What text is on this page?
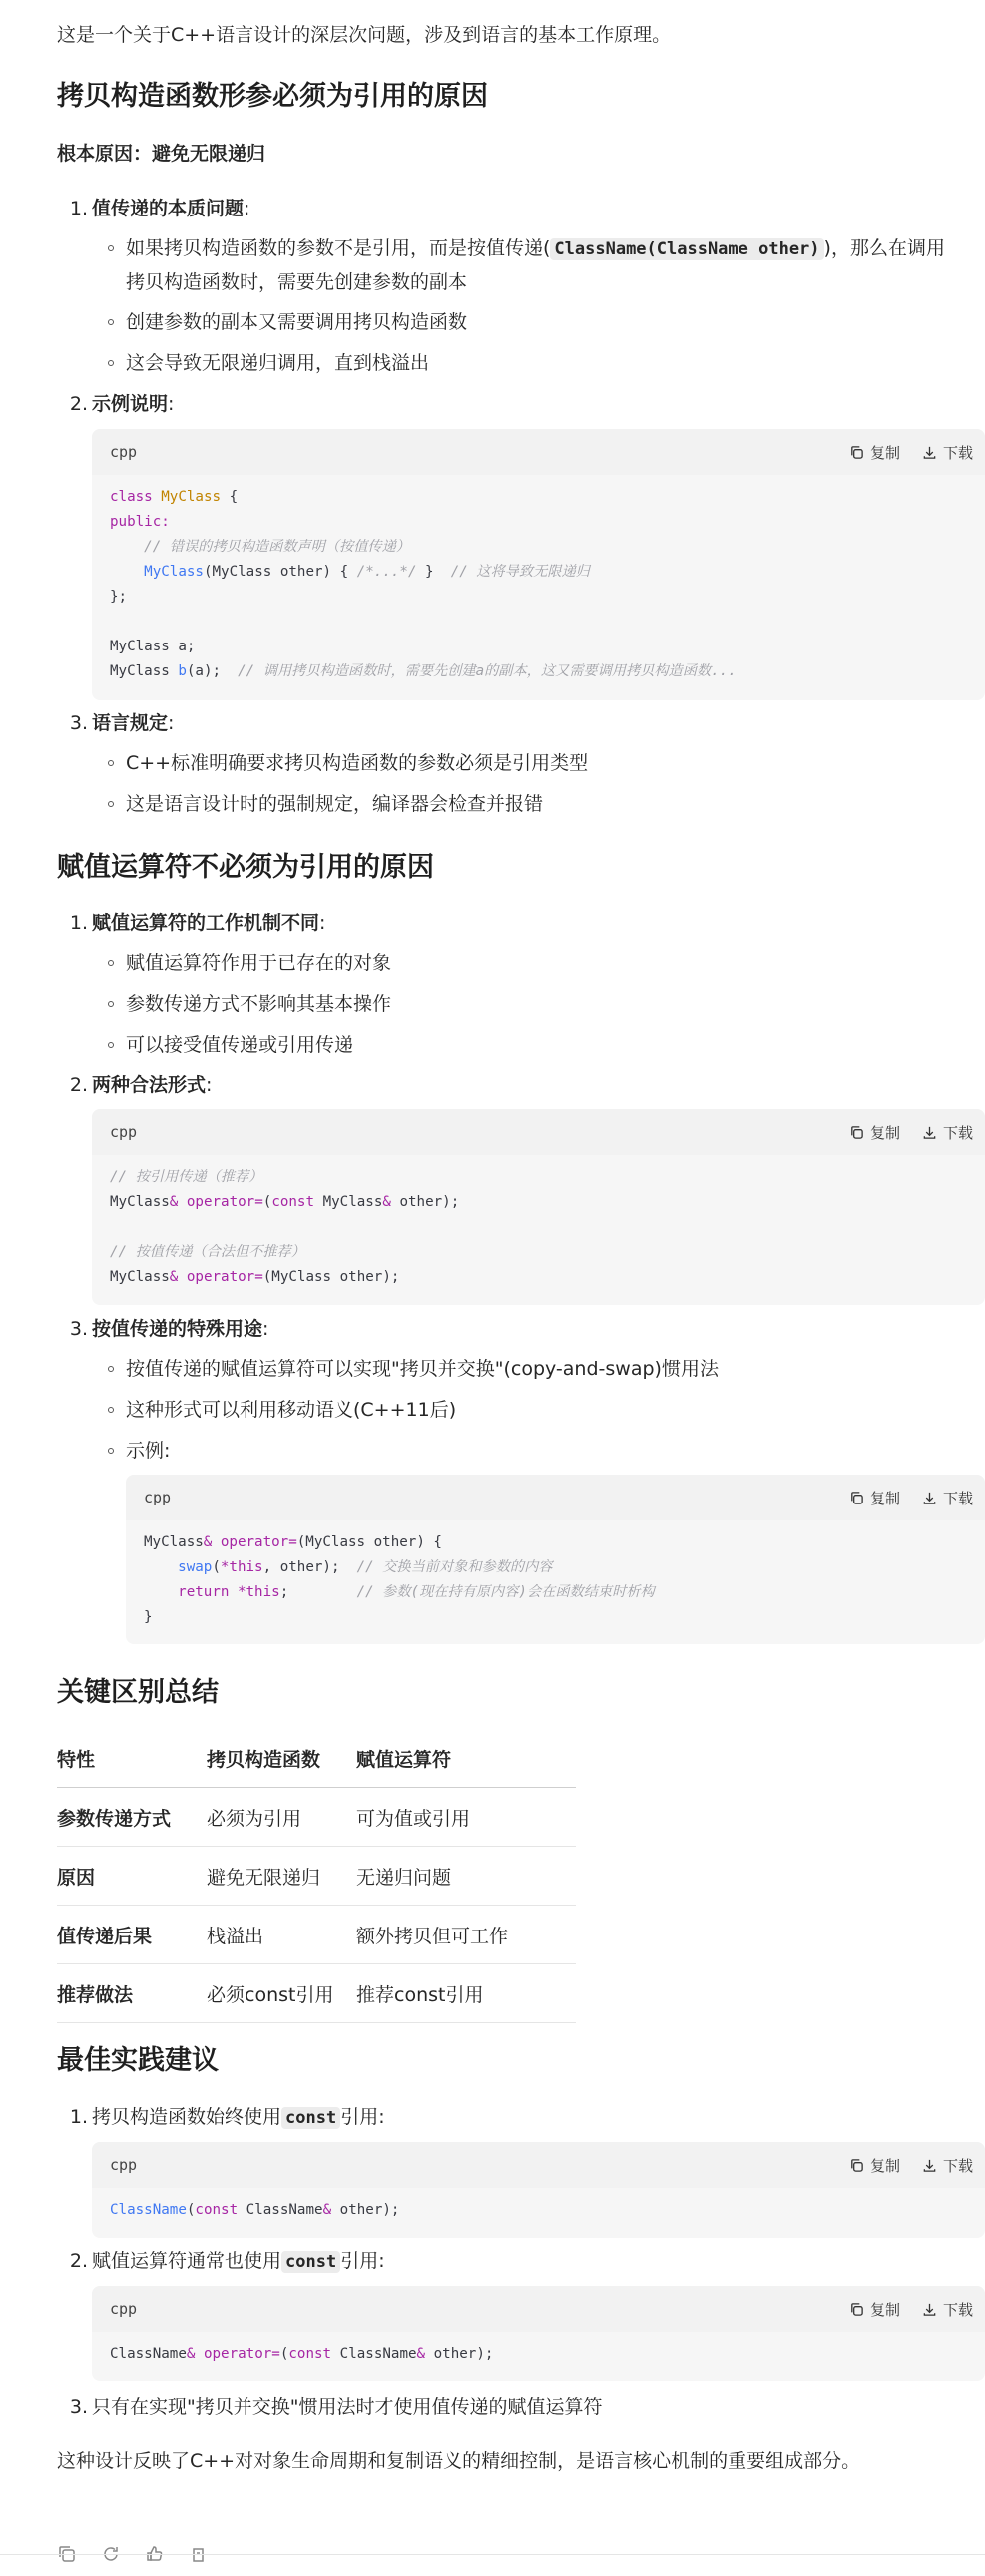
这是一个关于C++语言设计的深层次问题，涉及到语言的基本工作原理。

拷贝构造函数形参必须为引用的原因
根本原因：避免无限递归
1. 值传递的本质问题:
如果拷贝构造函数的参数不是引用，而是按值传递( ClassName(ClassName other) )，那么在调用
拷贝构造函数时，需要先创建参数的副本
创建参数的副本又需要调用拷贝构造函数
这会导致无限递归调用，直到栈溢出
2. 示例说明:
cpp	复制	下载
class MyClass {
public:
// 错误的拷贝构造函数声明（按值传递）
MyClass(MyClass other) { /*...*/ }  // 这将导致无限递归
};
MyClass a;
MyClass b(a);  // 调用拷贝构造函数时，需要先创建a的副本，这又需要调用拷贝构造函数...
3. 语言规定:
C++标准明确要求拷贝构造函数的参数必须是引用类型
这是语言设计时的强制规定，编译器会检查并报错
赋值运算符不必须为引用的原因
1. 赋值运算符的工作机制不同:
赋值运算符作用于已存在的对象
参数传递方式不影响其基本操作
可以接受值传递或引用传递
2. 两种合法形式:
cpp	复制	下载
// 按引用传递（推荐）
MyClass& operator=(const MyClass& other);
// 按值传递（合法但不推荐）
MyClass& operator=(MyClass other);
3. 按值传递的特殊用途:
按值传递的赋值运算符可以实现"拷贝并交换"(copy-and-swap)惯用法
这种形式可以利用移动语义(C++11后)
示例:
cpp	复制	下载
MyClass& operator=(MyClass other) {
swap(*this, other);  // 交换当前对象和参数的内容
return *this;        // 参数(现在持有原内容)会在函数结束时析构
}
关键区别总结
特性	拷贝构造函数	赋值运算符
参数传递方式	必须为引用	可为值或引用
原因	避免无限递归	无递归问题
值传递后果	栈溢出	额外拷贝但可工作
推荐做法	必须const引用	推荐const引用
最佳实践建议
1. 拷贝构造函数始终使用 const 引用:
cpp	复制	下载
ClassName(const ClassName& other);
2. 赋值运算符通常也使用 const 引用:
cpp	复制	下载
ClassName& operator=(const ClassName& other);
3. 只有在实现"拷贝并交换"惯用法时才使用值传递的赋值运算符

这种设计反映了C++对对象生命周期和复制语义的精细控制，是语言核心机制的重要组成部分。
